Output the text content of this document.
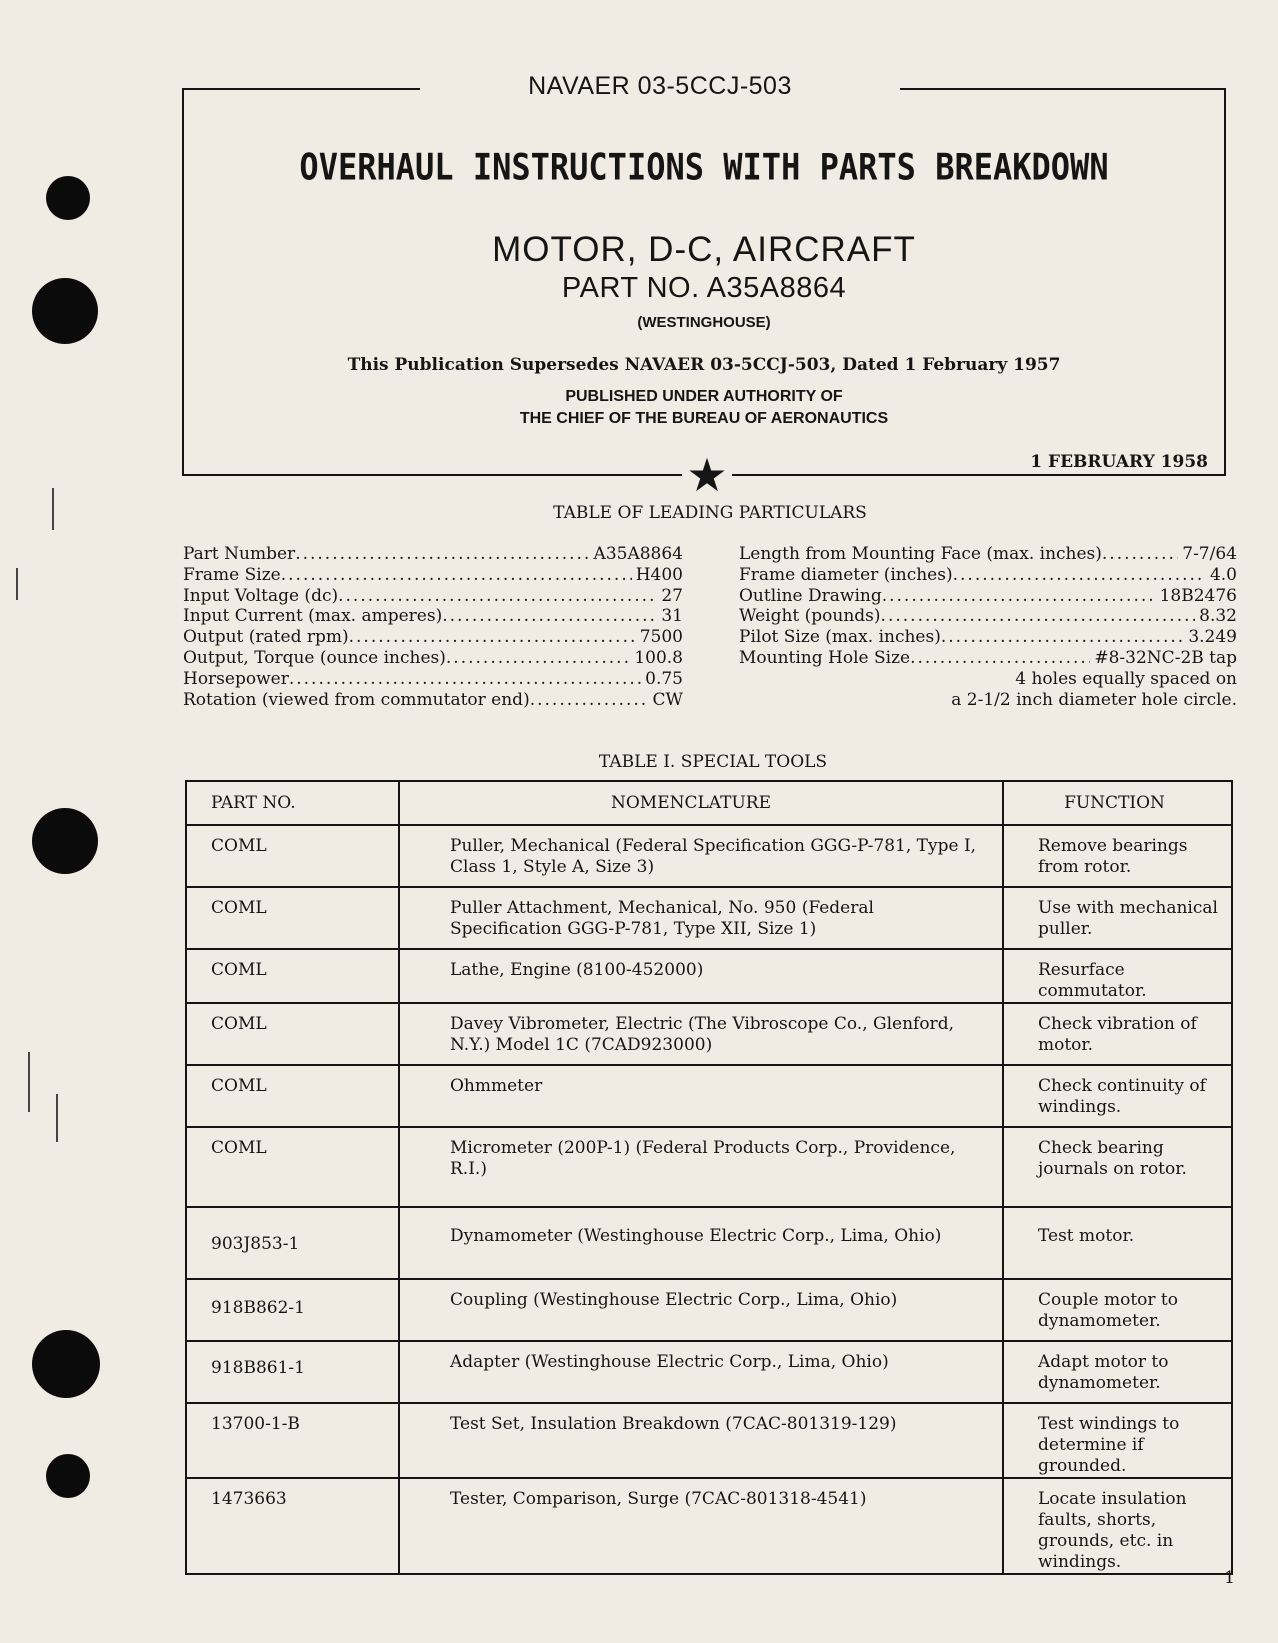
NAVAER 03-5CCJ-503
OVERHAUL INSTRUCTIONS WITH PARTS BREAKDOWN
MOTOR, D-C, AIRCRAFT
PART NO. A35A8864
(WESTINGHOUSE)
This Publication Supersedes NAVAER 03-5CCJ-503, Dated 1 February 1957
PUBLISHED UNDER AUTHORITY OF
THE CHIEF OF THE BUREAU OF AERONAUTICS
1 FEBRUARY 1958
★
TABLE OF LEADING PARTICULARS
Part Number .....	A35A8864
Frame Size .....	H400
Input Voltage (dc) .....	27
Input Current (max. amperes) .....	31
Output (rated rpm) .....	7500
Output, Torque (ounce inches) .....	100.8
Horsepower .....	0.75
Rotation (viewed from commutator end) .....	CW
Length from Mounting Face (max. inches) .....	7-7/64
Frame diameter (inches) .....	4.0
Outline Drawing .....	18B2476
Weight (pounds) .....	8.32
Pilot Size (max. inches) .....	3.249
Mounting Hole Size .....	#8-32NC-2B tap
4 holes equally spaced on
a 2-1/2 inch diameter hole circle.
TABLE I. SPECIAL TOOLS
PART NO.	NOMENCLATURE	FUNCTION
COML	Puller, Mechanical (Federal Specification GGG-P-781, Type I, Class 1, Style A, Size 3)	Remove bearings from rotor.
COML	Puller Attachment, Mechanical, No. 950 (Federal Specification GGG-P-781, Type XII, Size 1)	Use with mechanical puller.
COML	Lathe, Engine (8100-452000)	Resurface commutator.
COML	Davey Vibrometer, Electric (The Vibroscope Co., Glenford, N.Y.) Model 1C (7CAD923000)	Check vibration of motor.
COML	Ohmmeter	Check continuity of windings.
COML	Micrometer (200P-1) (Federal Products Corp., Providence, R.I.)	Check bearing journals on rotor.
903J853-1	Dynamometer (Westinghouse Electric Corp., Lima, Ohio)	Test motor.
918B862-1	Coupling (Westinghouse Electric Corp., Lima, Ohio)	Couple motor to dynamometer.
918B861-1	Adapter (Westinghouse Electric Corp., Lima, Ohio)	Adapt motor to dynamometer.
13700-1-B	Test Set, Insulation Breakdown (7CAC-801319-129)	Test windings to determine if grounded.
1473663	Tester, Comparison, Surge (7CAC-801318-4541)	Locate insulation faults, shorts, grounds, etc. in windings.
1
